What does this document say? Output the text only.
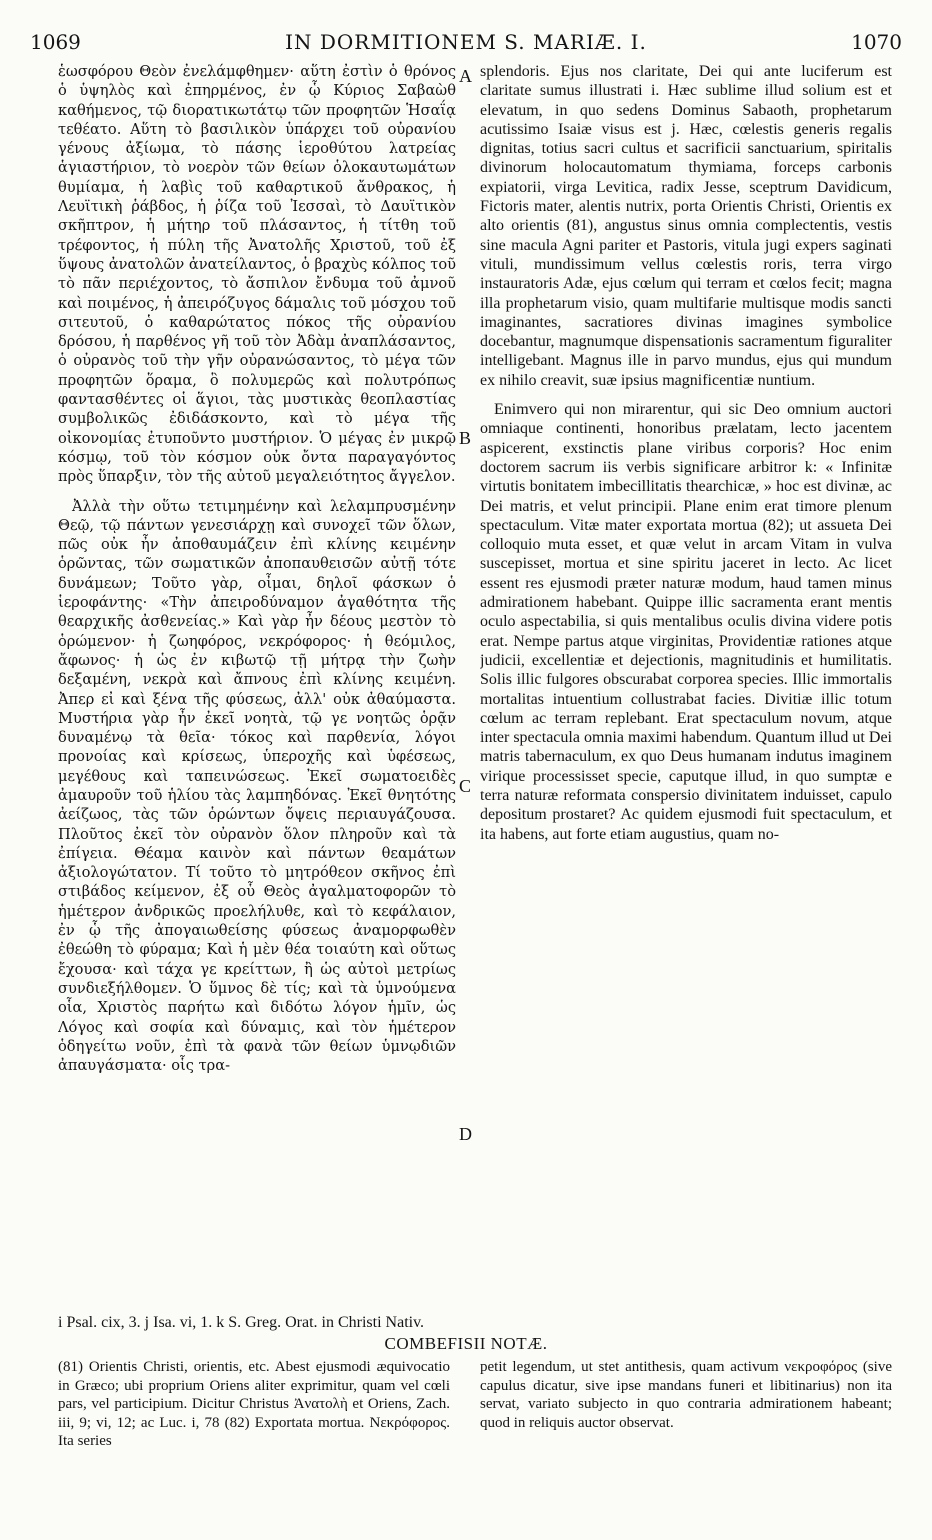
1069	IN DORMITIONEM S. MARIÆ. I.	1070

ἑωσφόρου Θεὸν ἐνελάμφθημεν· αὕτη ἐστὶν ὁ θρόνος ὁ ὑψηλὸς καὶ ἐπηρμένος, ἐν ᾧ Κύριος Σαβαὼθ καθήμενος, τῷ διορατικωτάτῳ τῶν προφητῶν Ἡσαΐᾳ τεθέατο. Αὕτη τὸ βασιλικὸν ὑπάρχει τοῦ οὐρανίου γένους ἀξίωμα, τὸ πάσης ἱεροθύτου λατρείας ἁγιαστήριον, τὸ νοερὸν τῶν θείων ὁλοκαυτωμάτων θυμίαμα, ἡ λαβὶς τοῦ καθαρτικοῦ ἄνθρακος, ἡ Λευϊτικὴ ῥάβδος, ἡ ῥίζα τοῦ Ἰεσσαὶ, τὸ Δαυϊτικὸν σκῆπτρον, ἡ μήτηρ τοῦ πλάσαντος, ἡ τίτθη τοῦ τρέφοντος, ἡ πύλη τῆς Ἀνατολῆς Χριστοῦ, τοῦ ἐξ ὕψους ἀνατολῶν ἀνατείλαντος, ὁ βραχὺς κόλπος τοῦ τὸ πᾶν περιέχοντος, τὸ ἄσπιλον ἔνδυμα τοῦ ἀμνοῦ καὶ ποιμένος, ἡ ἀπειρόζυγος δάμαλις τοῦ μόσχου τοῦ σιτευτοῦ, ὁ καθαρώτατος πόκος τῆς οὐρανίου δρόσου, ἡ παρθένος γῆ τοῦ τὸν Ἀδὰμ ἀναπλάσαντος, ὁ οὐρανὸς τοῦ τὴν γῆν οὐρανώσαντος, τὸ μέγα τῶν προφητῶν ὅραμα, ὃ πολυμερῶς καὶ πολυτρόπως φαντασθέντες οἱ ἅγιοι, τὰς μυστικὰς θεοπλαστίας συμβολικῶς ἐδιδάσκοντο, καὶ τὸ μέγα τῆς οἰκονομίας ἐτυποῦντο μυστήριον. Ὁ μέγας ἐν μικρῷ κόσμῳ, τοῦ τὸν κόσμον οὐκ ὄντα παραγαγόντος πρὸς ὕπαρξιν, τὸν τῆς αὐτοῦ μεγαλειότητος ἄγγελον.

Ἀλλὰ τὴν οὕτω τετιμημένην καὶ λελαμπρυσμένην Θεῷ, τῷ πάντων γενεσιάρχῃ καὶ συνοχεῖ τῶν ὅλων, πῶς οὐκ ἦν ἀποθαυμάζειν ἐπὶ κλίνης κειμένην ὁρῶντας, τῶν σωματικῶν ἀποπαυθεισῶν αὐτῇ τότε δυνάμεων; Τοῦτο γὰρ, οἶμαι, δηλοῖ φάσκων ὁ ἱεροφάντης· «Τὴν ἀπειροδύναμον ἀγαθότητα τῆς θεαρχικῆς ἀσθενείας.» Καὶ γὰρ ἦν δέους μεστὸν τὸ ὁρώμενον· ἡ ζωηφόρος, νεκρόφορος· ἡ θεόμιλος, ἄφωνος· ἡ ὡς ἐν κιβωτῷ τῇ μήτρᾳ τὴν ζωὴν δεξαμένη, νεκρὰ καὶ ἄπνους ἐπὶ κλίνης κειμένη. Ἀπερ εἰ καὶ ξένα τῆς φύσεως, ἀλλ' οὐκ ἀθαύμαστα. Μυστήρια γὰρ ἦν ἐκεῖ νοητὰ, τῷ γε νοητῶς ὁρᾷν δυναμένῳ τὰ θεῖα· τόκος καὶ παρθενία, λόγοι προνοίας καὶ κρίσεως, ὑπεροχῆς καὶ ὑφέσεως, μεγέθους καὶ ταπεινώσεως. Ἐκεῖ σωματοειδὲς ἀμαυροῦν τοῦ ἡλίου τὰς λαμπηδόνας. Ἐκεῖ θνητότης ἀείζωος, τὰς τῶν ὁρώντων ὄψεις περιαυγάζουσα. Πλοῦτος ἐκεῖ τὸν οὐρανὸν ὅλον πληροῦν καὶ τὰ ἐπίγεια. Θέαμα καινὸν καὶ πάντων θεαμάτων ἀξιολογώτατον. Τί τοῦτο τὸ μητρόθεον σκῆνος ἐπὶ στιβάδος κείμενον, ἐξ οὗ Θεὸς ἀγαλματοφορῶν τὸ ἡμέτερον ἀνδρικῶς προελήλυθε, καὶ τὸ κεφάλαιον, ἐν ᾧ τῆς ἀπογαιωθείσης φύσεως ἀναμορφωθὲν ἐθεώθη τὸ φύραμα; Καὶ ἡ μὲν θέα τοιαύτη καὶ οὕτως ἔχουσα· καὶ τάχα γε κρείττων, ἢ ὡς αὐτοὶ μετρίως συνδιεξήλθομεν. Ὁ ὕμνος δὲ τίς; καὶ τὰ ὑμνούμενα οἷα, Χριστὸς παρήτω καὶ διδότω λόγον ἡμῖν, ὡς Λόγος καὶ σοφία καὶ δύναμις, καὶ τὸν ἡμέτερον ὁδηγείτω νοῦν, ἐπὶ τὰ φανὰ τῶν θείων ὑμνῳδιῶν ἀπαυγάσματα· οἷς τρα-

A
B
C
D

splendoris. Ejus nos claritate, Dei qui ante luciferum est claritate sumus illustrati i. Hæc sublime illud solium est et elevatum, in quo sedens Dominus Sabaoth, prophetarum acutissimo Isaiæ visus est j. Hæc, cœlestis generis regalis dignitas, totius sacri cultus et sacrificii sanctuarium, spiritalis divinorum holocautomatum thymiama, forceps carbonis expiatorii, virga Levitica, radix Jesse, sceptrum Davidicum, Fictoris mater, alentis nutrix, porta Orientis Christi, Orientis ex alto orientis (81), angustus sinus omnia complectentis, vestis sine macula Agni pariter et Pastoris, vitula jugi expers saginati vituli, mundissimum vellus cœlestis roris, terra virgo instauratoris Adæ, ejus cœlum qui terram et cœlos fecit; magna illa prophetarum visio, quam multifarie multisque modis sancti imaginantes, sacratiores divinas imagines symbolice docebantur, magnumque dispensationis sacramentum figuraliter intelligebant. Magnus ille in parvo mundus, ejus qui mundum ex nihilo creavit, suæ ipsius magnificentiæ nuntium.

Enimvero qui non mirarentur, qui sic Deo omnium auctori omniaque continenti, honoribus prælatam, lecto jacentem aspicerent, exstinctis plane viribus corporis? Hoc enim doctorem sacrum iis verbis significare arbitror k: « Infinitæ virtutis bonitatem imbecillitatis thearchicæ, » hoc est divinæ, ac Dei matris, et velut principii. Plane enim erat timore plenum spectaculum. Vitæ mater exportata mortua (82); ut assueta Dei colloquio muta esset, et quæ velut in arcam Vitam in vulva suscepisset, mortua et sine spiritu jaceret in lecto. Ac licet essent res ejusmodi præter naturæ modum, haud tamen minus admirationem habebant. Quippe illic sacramenta erant mentis oculo aspectabilia, si quis mentalibus oculis divina videre potis erat. Nempe partus atque virginitas, Providentiæ rationes atque judicii, excellentiæ et dejectionis, magnitudinis et humilitatis. Solis illic fulgores obscurabat corporea species. Illic immortalis mortalitas intuentium collustrabat facies. Divitiæ illic totum cœlum ac terram replebant. Erat spectaculum novum, atque inter spectacula omnia maximi habendum. Quantum illud ut Dei matris tabernaculum, ex quo Deus humanam indutus imaginem virique processisset specie, caputque illud, in quo sumptæ e terra naturæ reformata conspersio divinitatem induisset, capulo depositum prostaret? Ac quidem ejusmodi fuit spectaculum, et ita habens, aut forte etiam augustius, quam no-

i Psal. cix, 3. j Isa. vi, 1. k S. Greg. Orat. in Christi Nativ.
COMBEFISII NOTÆ.

(81) Orientis Christi, orientis, etc. Abest ejusmodi æquivocatio in Græco; ubi proprium Oriens aliter exprimitur, quam vel cœli pars, vel participium. Dicitur Christus Ἀνατολὴ et Oriens, Zach. iii, 9; vi, 12; ac Luc. i, 78 (82) Exportata mortua. Νεκρόφορος. Ita series

petit legendum, ut stet antithesis, quam activum νεκροφόρος (sive capulus dicatur, sive ipse mandans funeri et libitinarius) non ita servat, variato subjecto in quo contraria admirationem habeant; quod in reliquis auctor observat.
